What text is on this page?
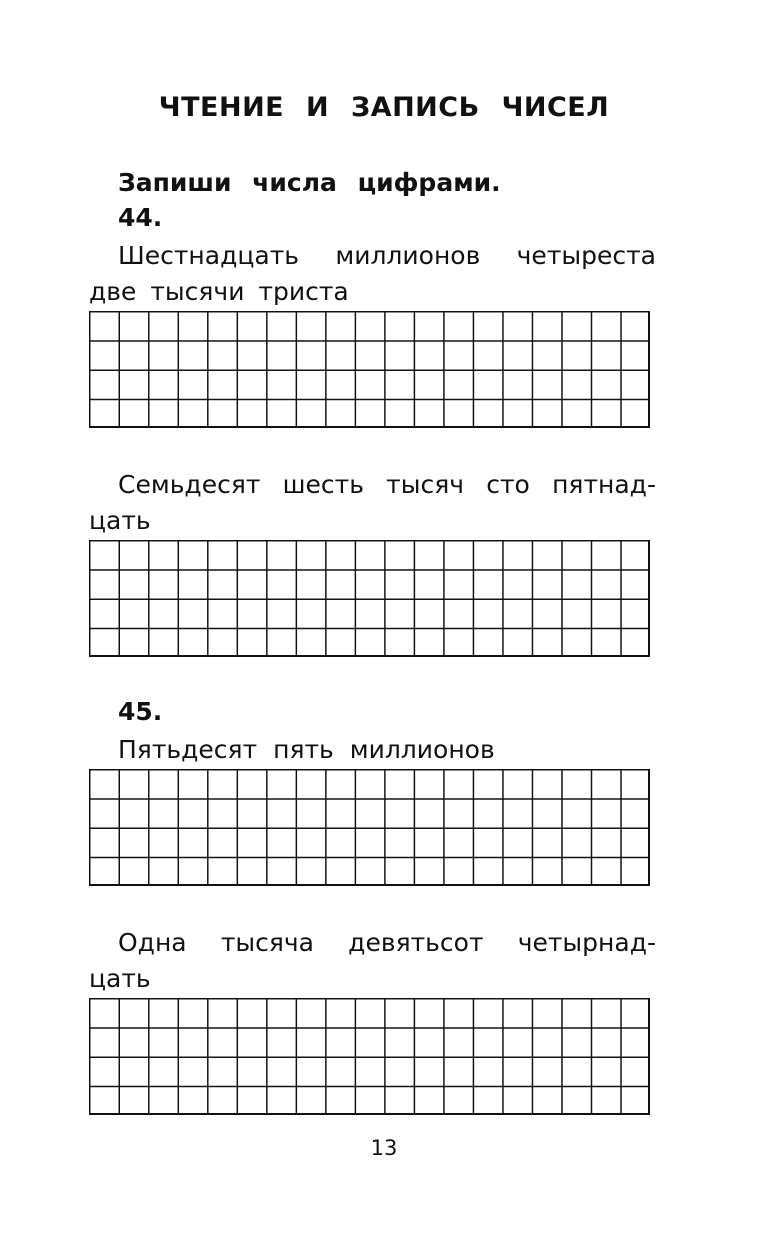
ЧТЕНИЕ И ЗАПИСЬ ЧИСЕЛ
Запиши числа цифрами.
44.

Шестнадцать миллионов четыреста
две тысячи триста

Семьдесят шесть тысяч сто пятнад-
цать

45.

Пятьдесят пять миллионов

Одна тысяча девятьсот четырнад-
цать

13
